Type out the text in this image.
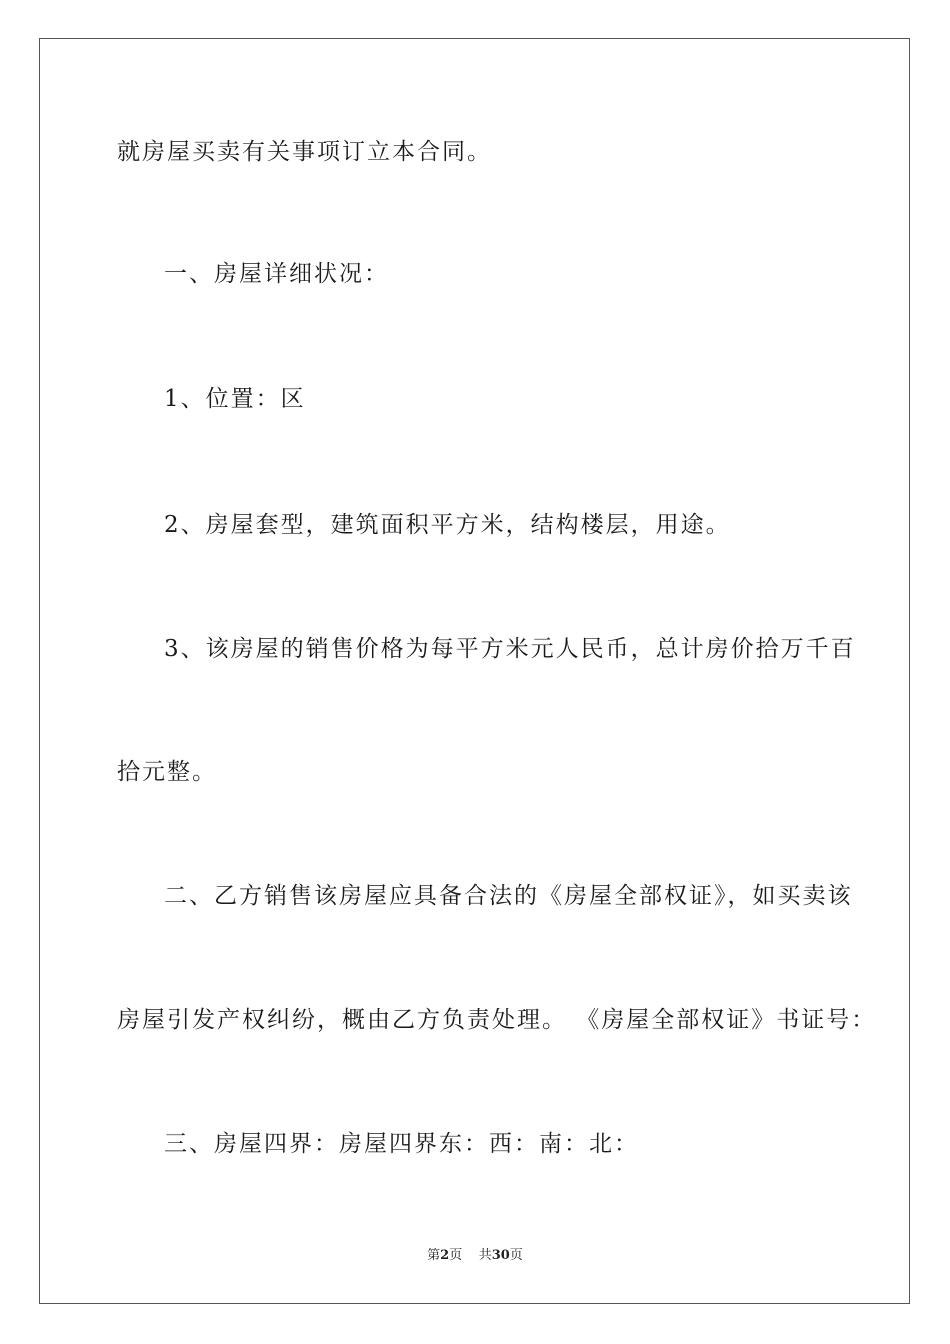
就房屋买卖有关事项订立本合同。
一、房屋详细状况：
1、位置：区
2、房屋套型，建筑面积平方米，结构楼层，用途。
3、该房屋的销售价格为每平方米元人民币，总计房价拾万千百
拾元整。
二、乙方销售该房屋应具备合法的《房屋全部权证》，如买卖该
房屋引发产权纠纷，概由乙方负责处理。 《房屋全部权证》书证号：
三、房屋四界：房屋四界东：西：南：北：
第2页 共30页
